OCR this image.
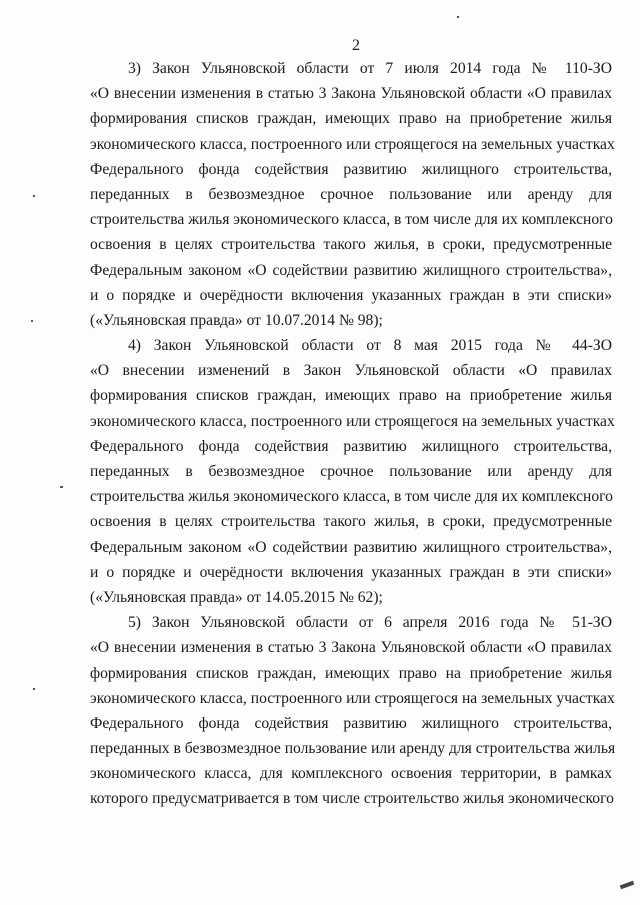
2
3) Закон Ульяновской области от 7 июля 2014 года № 110-ЗО
«О внесении изменения в статью 3 Закона Ульяновской области «О правилах
формирования списков граждан, имеющих право на приобретение жилья
экономического класса, построенного или строящегося на земельных участках
Федерального фонда содействия развитию жилищного строительства,
переданных в безвозмездное срочное пользование или аренду для
строительства жилья экономического класса, в том числе для их комплексного
освоения в целях строительства такого жилья, в сроки, предусмотренные
Федеральным законом «О содействии развитию жилищного строительства»,
и о порядке и очерёдности включения указанных граждан в эти списки»
(«Ульяновская правда» от 10.07.2014 № 98);
4) Закон Ульяновской области от 8 мая 2015 года № 44-ЗО
«О внесении изменений в Закон Ульяновской области «О правилах
формирования списков граждан, имеющих право на приобретение жилья
экономического класса, построенного или строящегося на земельных участках
Федерального фонда содействия развитию жилищного строительства,
переданных в безвозмездное срочное пользование или аренду для
строительства жилья экономического класса, в том числе для их комплексного
освоения в целях строительства такого жилья, в сроки, предусмотренные
Федеральным законом «О содействии развитию жилищного строительства»,
и о порядке и очерёдности включения указанных граждан в эти списки»
(«Ульяновская правда» от 14.05.2015 № 62);
5) Закон Ульяновской области от 6 апреля 2016 года № 51-ЗО
«О внесении изменения в статью 3 Закона Ульяновской области «О правилах
формирования списков граждан, имеющих право на приобретение жилья
экономического класса, построенного или строящегося на земельных участках
Федерального фонда содействия развитию жилищного строительства,
переданных в безвозмездное пользование или аренду для строительства жилья
экономического класса, для комплексного освоения территории, в рамках
которого предусматривается в том числе строительство жилья экономического
